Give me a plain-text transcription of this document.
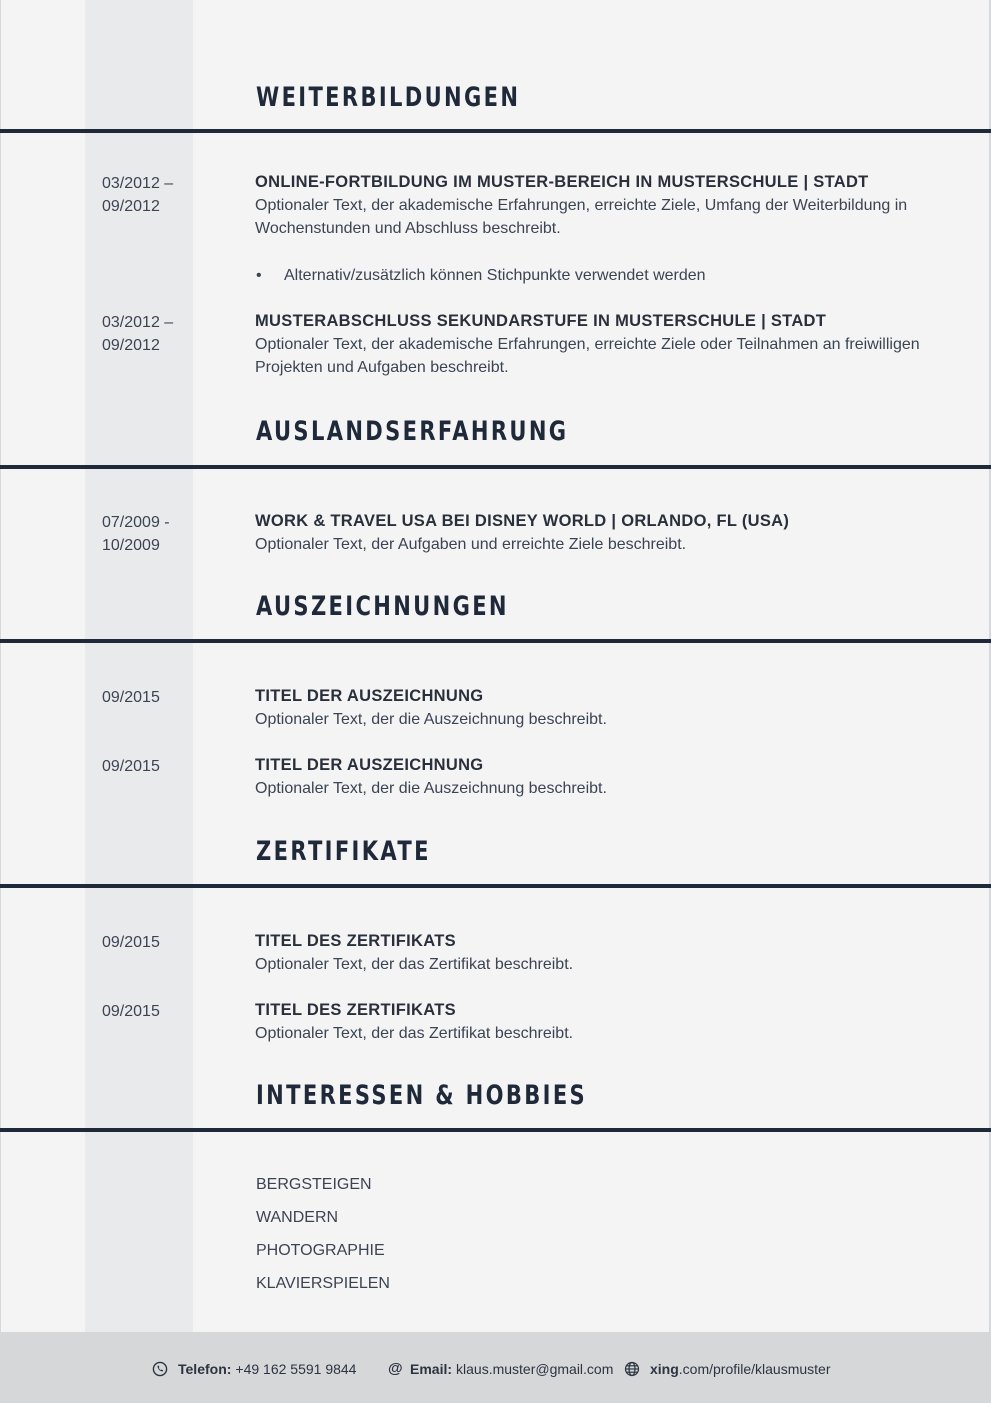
WEITERBILDUNGEN
03/2012 –
09/2012
ONLINE-FORTBILDUNG IM MUSTER-BEREICH IN MUSTERSCHULE | STADT
Optionaler Text, der akademische Erfahrungen, erreichte Ziele, Umfang der Weiterbildung in Wochenstunden und Abschluss beschreibt.
• Alternativ/zusätzlich können Stichpunkte verwendet werden
03/2012 –
09/2012
MUSTERABSCHLUSS SEKUNDARSTUFE IN MUSTERSCHULE | STADT
Optionaler Text, der akademische Erfahrungen, erreichte Ziele oder Teilnahmen an freiwilligen Projekten und Aufgaben beschreibt.
AUSLANDSERFAHRUNG
07/2009 -
10/2009
WORK & TRAVEL USA BEI DISNEY WORLD | ORLANDO, FL (USA)
Optionaler Text, der Aufgaben und erreichte Ziele beschreibt.
AUSZEICHNUNGEN
09/2015	TITEL DER AUSZEICHNUNG
Optionaler Text, der die Auszeichnung beschreibt.
09/2015	TITEL DER AUSZEICHNUNG
Optionaler Text, der die Auszeichnung beschreibt.
ZERTIFIKATE
09/2015	TITEL DES ZERTIFIKATS
Optionaler Text, der das Zertifikat beschreibt.
09/2015	TITEL DES ZERTIFIKATS
Optionaler Text, der das Zertifikat beschreibt.
INTERESSEN & HOBBIES
BERGSTEIGEN
WANDERN
PHOTOGRAPHIE
KLAVIERSPIELEN
Telefon: +49 162 5591 9844 @ Email: klaus.muster@gmail.com	xing .com/profile/klausmuster
